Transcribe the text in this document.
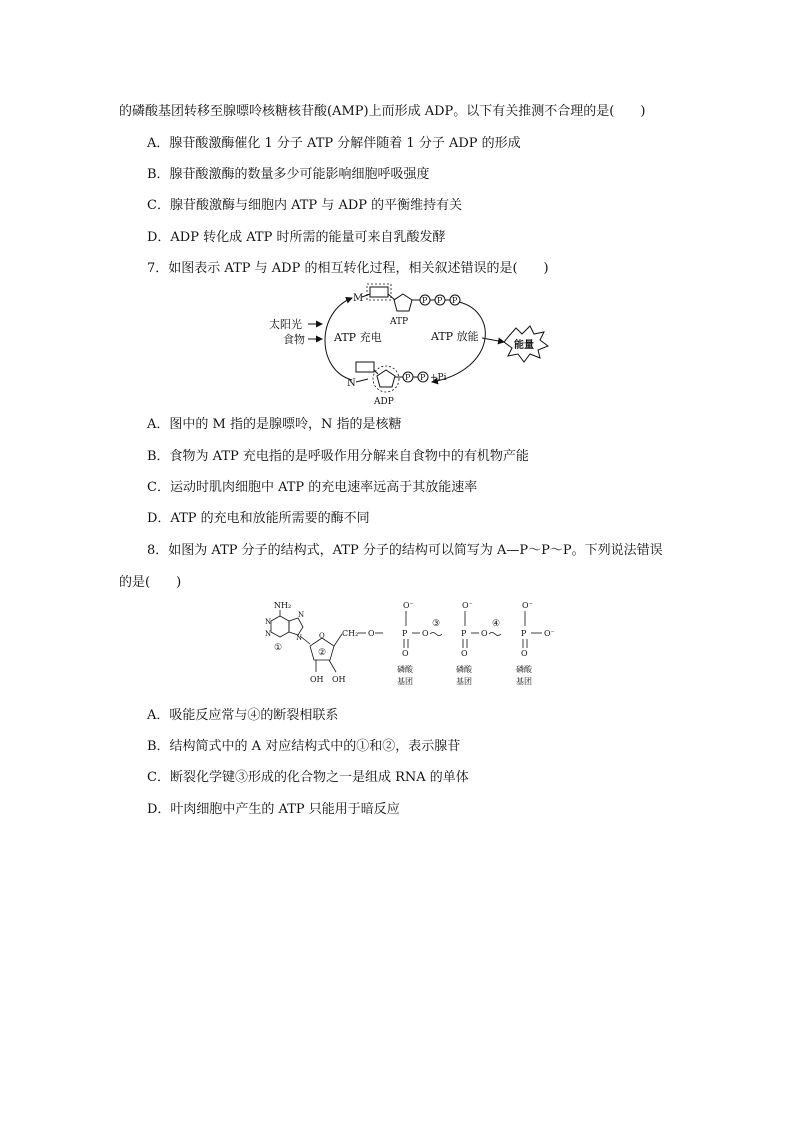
的磷酸基团转移至腺嘌呤核糖核苷酸(AMP)上而形成 ADP。以下有关推测不合理的是(　　)
A．腺苷酸激酶催化 1 分子 ATP 分解伴随着 1 分子 ADP 的形成
B．腺苷酸激酶的数量多少可能影响细胞呼吸强度
C．腺苷酸激酶与细胞内 ATP 与 ADP 的平衡维持有关
D．ADP 转化成 ATP 时所需的能量可来自乳酸发酵
7．如图表示 ATP 与 ADP 的相互转化过程，相关叙述错误的是(　　)
太阳光
食物	ATP 充电	ATP 放能
能量
M
ATP
P P P
N
ADP
P P +Pi
A．图中的 M 指的是腺嘌呤，N 指的是核糖
B．食物为 ATP 充电指的是呼吸作用分解来自食物中的有机物产能
C．运动时肌肉细胞中 ATP 的充电速率远高于其放能速率
D．ATP 的充电和放能所需要的酶不同
8．如图为 ATP 分子的结构式，ATP 分子的结构可以简写为 A—P～P～P。下列说法错误
的是(　　)
NH₂
N
N
N
N
①
O
②
OH OH
CH₂ O
O⁻
P
O
O
③
O⁻
P
O
O
④
O⁻
P
O
O⁻
磷酸
基团
磷酸
基团
磷酸
基团
A．吸能反应常与④的断裂相联系
B．结构简式中的 A 对应结构式中的①和②，表示腺苷
C．断裂化学键③形成的化合物之一是组成 RNA 的单体
D．叶肉细胞中产生的 ATP 只能用于暗反应
